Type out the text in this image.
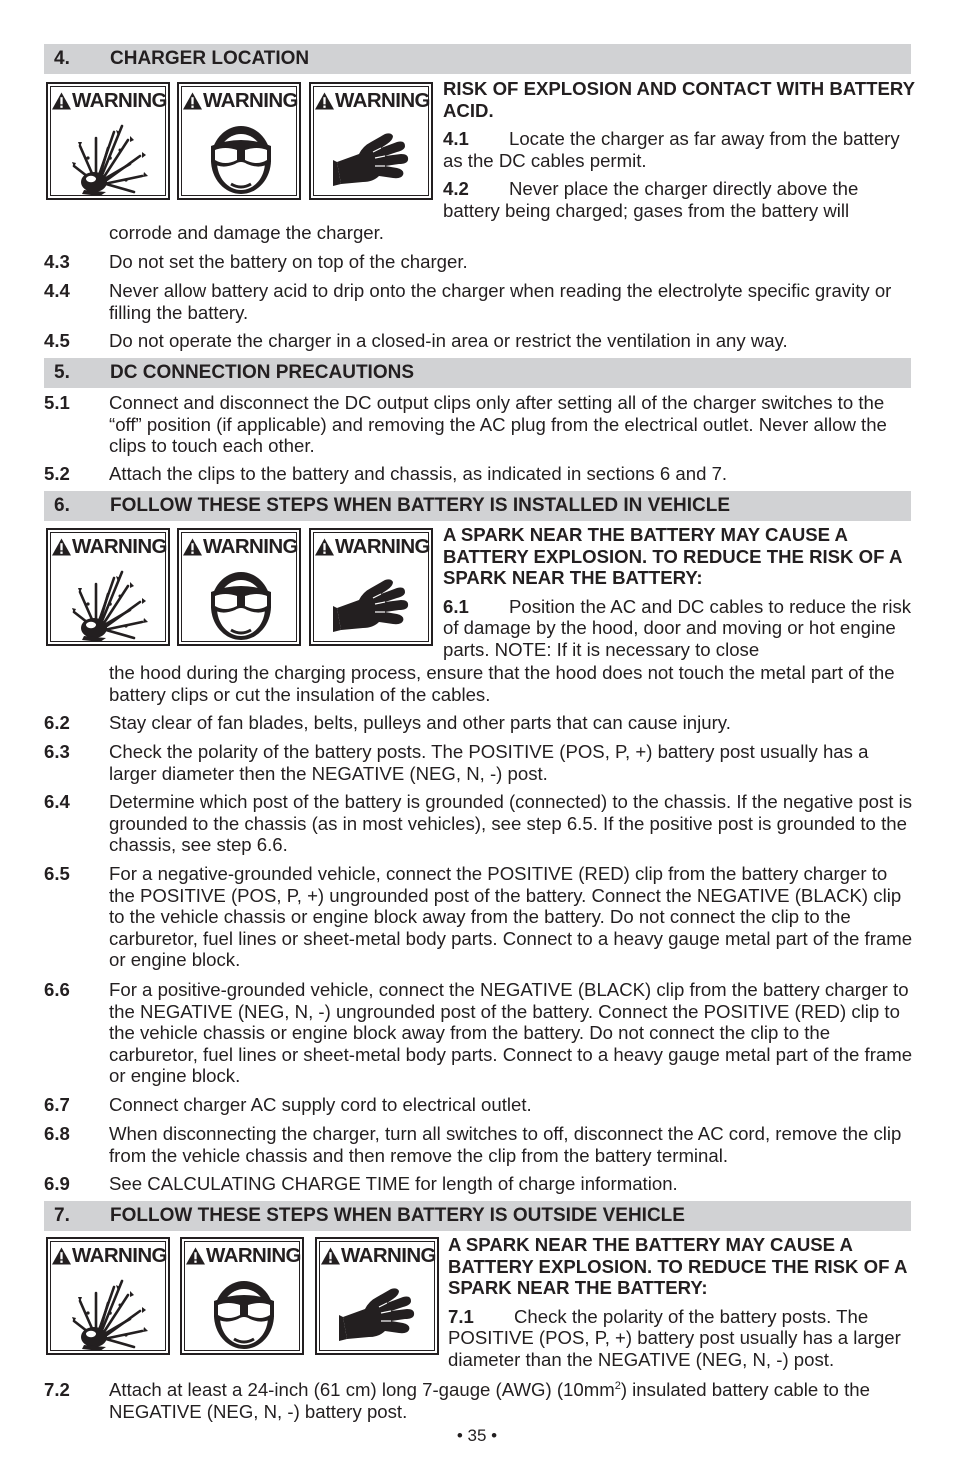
4. CHARGER LOCATION
WARNING WARNING WARNING

RISK OF EXPLOSION AND CONTACT WITH BATTERY ACID.

4.1 Locate the charger as far away from the battery as the DC cables permit.

4.2 Never place the charger directly above the battery being charged; gases from the battery will

corrode and damage the charger.
4.3 Do not set the battery on top of the charger.
4.4 Never allow battery acid to drip onto the charger when reading the electrolyte specific gravity or filling the battery.
4.5 Do not operate the charger in a closed-in area or restrict the ventilation in any way.
5. DC CONNECTION PRECAUTIONS
5.1 Connect and disconnect the DC output clips only after setting all of the charger switches to the “off” position (if applicable) and removing the AC plug from the electrical outlet. Never allow the clips to touch each other.
5.2 Attach the clips to the battery and chassis, as indicated in sections 6 and 7.
6. FOLLOW THESE STEPS WHEN BATTERY IS INSTALLED IN VEHICLE
WARNING WARNING WARNING

A SPARK NEAR THE BATTERY MAY CAUSE A BATTERY EXPLOSION. TO REDUCE THE RISK OF A SPARK NEAR THE BATTERY:

6.1 Position the AC and DC cables to reduce the risk of damage by the hood, door and moving or hot engine parts. NOTE: If it is necessary to close

the hood during the charging process, ensure that the hood does not touch the metal part of the battery clips or cut the insulation of the cables.
6.2 Stay clear of fan blades, belts, pulleys and other parts that can cause injury.
6.3 Check the polarity of the battery posts. The POSITIVE (POS, P, +) battery post usually has a larger diameter then the NEGATIVE (NEG, N, -) post.
6.4 Determine which post of the battery is grounded (connected) to the chassis. If the negative post is grounded to the chassis (as in most vehicles), see step 6.5. If the positive post is grounded to the chassis, see step 6.6.
6.5 For a negative-grounded vehicle, connect the POSITIVE (RED) clip from the battery charger to the POSITIVE (POS, P, +) ungrounded post of the battery. Connect the NEGATIVE (BLACK) clip to the vehicle chassis or engine block away from the battery. Do not connect the clip to the carburetor, fuel lines or sheet-metal body parts. Connect to a heavy gauge metal part of the frame or engine block.
6.6 For a positive-grounded vehicle, connect the NEGATIVE (BLACK) clip from the battery charger to the NEGATIVE (NEG, N, -) ungrounded post of the battery. Connect the POSITIVE (RED) clip to the vehicle chassis or engine block away from the battery. Do not connect the clip to the carburetor, fuel lines or sheet-metal body parts. Connect to a heavy gauge metal part of the frame or engine block.
6.7 Connect charger AC supply cord to electrical outlet.
6.8 When disconnecting the charger, turn all switches to off, disconnect the AC cord, remove the clip from the vehicle chassis and then remove the clip from the battery terminal.
6.9 See CALCULATING CHARGE TIME for length of charge information.
7. FOLLOW THESE STEPS WHEN BATTERY IS OUTSIDE VEHICLE
WARNING WARNING WARNING A SPARK NEAR THE BATTERY MAY CAUSE A BATTERY EXPLOSION. TO REDUCE THE RISK OF A SPARK NEAR THE BATTERY:

7.1 Check the polarity of the battery posts. The POSITIVE (POS, P, +) battery post usually has a larger diameter than the NEGATIVE (NEG, N, -) post.

7.2 Attach at least a 24-inch (61 cm) long 7-gauge (AWG) $(10mm^2)$ insulated battery cable to the NEGATIVE (NEG, N, -) battery post.
• 35 •
